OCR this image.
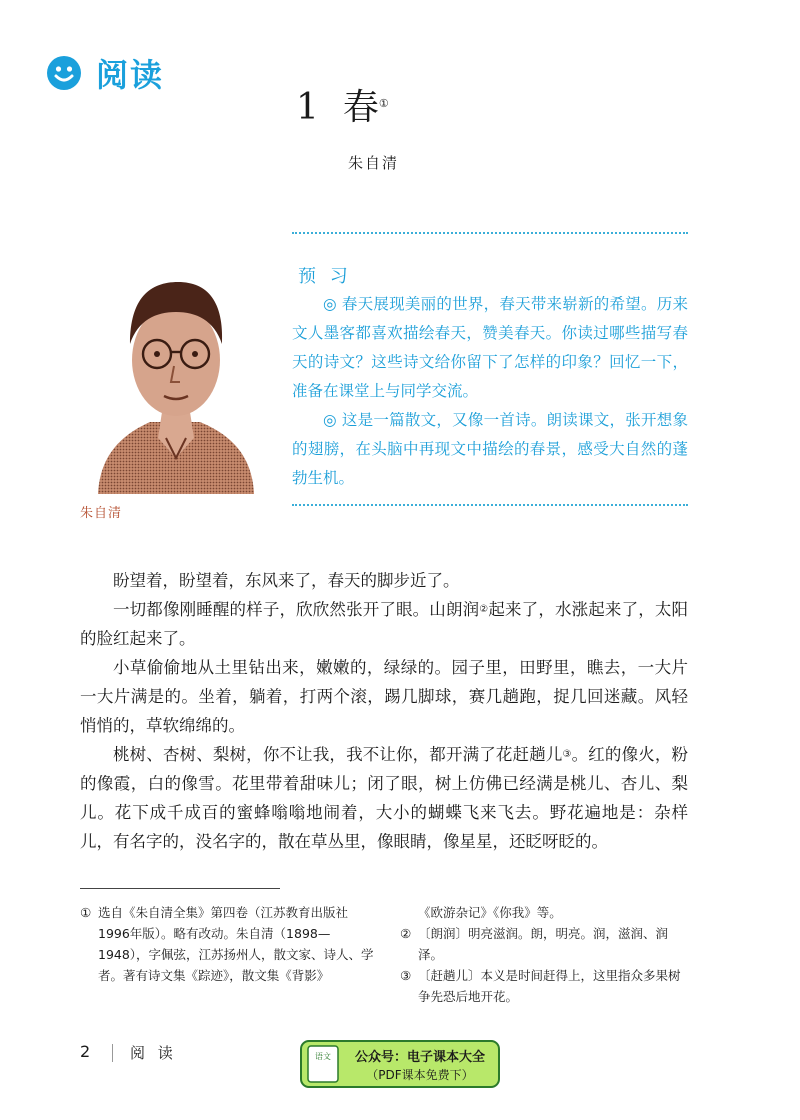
阅读
1 春①
朱自清
朱自清
预 习

◎ 春天展现美丽的世界，春天带来崭新的希望。历来文人墨客都喜欢描绘春天，赞美春天。你读过哪些描写春天的诗文？这些诗文给你留下了怎样的印象？回忆一下，准备在课堂上与同学交流。

◎ 这是一篇散文，又像一首诗。朗读课文，张开想象的翅膀，在头脑中再现文中描绘的春景，感受大自然的蓬勃生机。

盼望着，盼望着，东风来了，春天的脚步近了。

一切都像刚睡醒的样子，欣欣然张开了眼。山朗润②起来了，水涨起来了，太阳的脸红起来了。

小草偷偷地从土里钻出来，嫩嫩的，绿绿的。园子里，田野里，瞧去，一大片一大片满是的。坐着，躺着，打两个滚，踢几脚球，赛几趟跑，捉几回迷藏。风轻悄悄的，草软绵绵的。

桃树、杏树、梨树，你不让我，我不让你，都开满了花赶趟儿③。红的像火，粉的像霞，白的像雪。花里带着甜味儿；闭了眼，树上仿佛已经满是桃儿、杏儿、梨儿。花下成千成百的蜜蜂嗡嗡地闹着，大小的蝴蝶飞来飞去。野花遍地是：杂样儿，有名字的，没名字的，散在草丛里，像眼睛，像星星，还眨呀眨的。

① 选自《朱自清全集》第四卷（江苏教育出版社1996年版）。略有改动。朱自清（1898—1948），字佩弦，江苏扬州人，散文家、诗人、学者。著有诗文集《踪迹》，散文集《背影》
《欧游杂记》《你我》等。
② 〔朗润〕明亮滋润。朗，明亮。润，滋润、润泽。
③ 〔赶趟儿〕本义是时间赶得上，这里指众多果树争先恐后地开花。
2	阅 读	语文 公众号：电子课本大全
（PDF课本免费下）
